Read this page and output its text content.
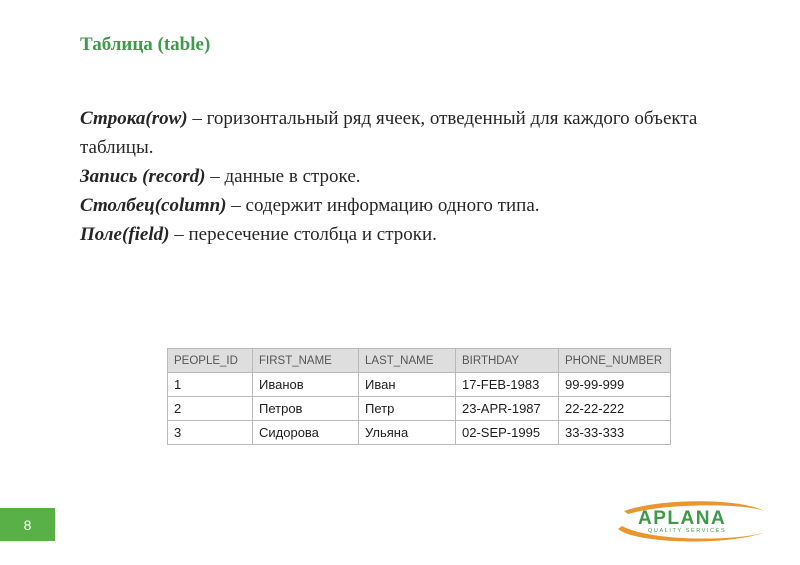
Таблица (table)

Строка(row) – горизонтальный ряд ячеек, отведенный для каждого объекта таблицы.

Запись (record) – данные в строке.

Столбец(column) – содержит информацию одного типа.

Поле(field) – пересечение столбца и строки.

PEOPLE_ID	FIRST_NAME	LAST_NAME	BIRTHDAY	PHONE_NUMBER
1	Иванов	Иван	17-FEB-1983	99-99-999
2	Петров	Петр	23-APR-1987	22-22-222
3	Сидорова	Ульяна	02-SEP-1995	33-33-333
8	APLANA
QUALITY SERVICES
